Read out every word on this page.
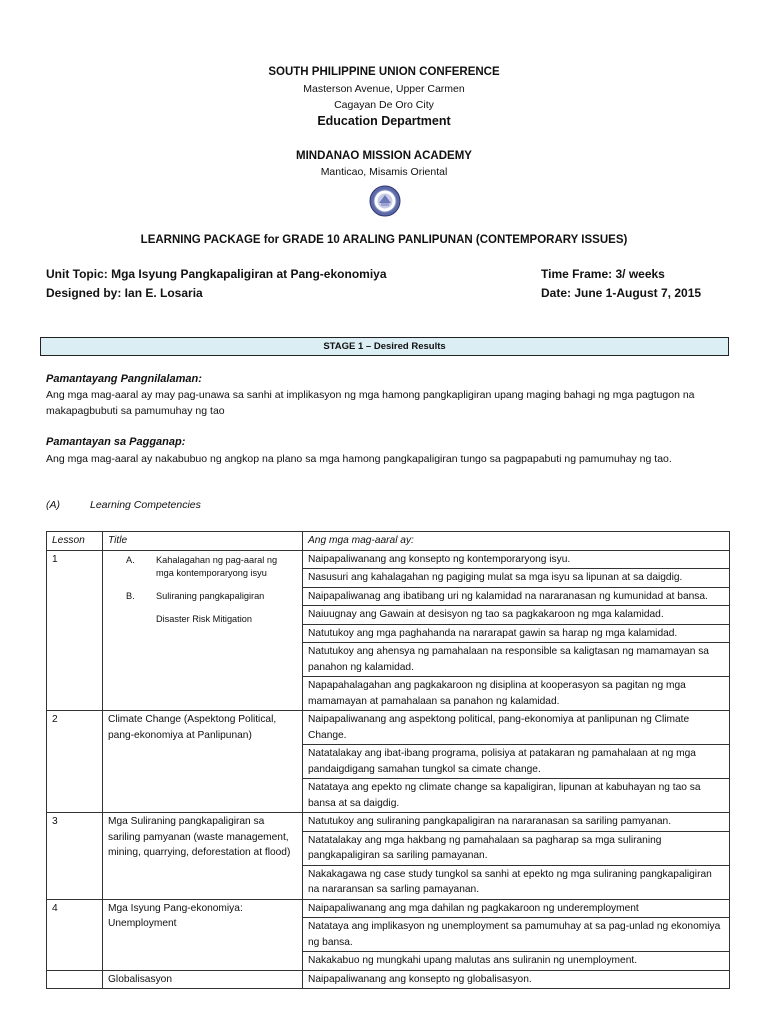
SOUTH PHILIPPINE UNION CONFERENCE
Masterson Avenue, Upper Carmen
Cagayan De Oro City
Education Department
MINDANAO MISSION ACADEMY
Manticao, Misamis Oriental
LEARNING PACKAGE for GRADE 10 ARALING PANLIPUNAN (CONTEMPORARY ISSUES)
Unit Topic: Mga Isyung Pangkapaligiran at Pang-ekonomiya
Designed by: Ian E. Losaria
Time Frame: 3/ weeks
Date: June 1-August 7, 2015
STAGE 1 – Desired Results
Pamantayang Pangnilalaman:
Ang mga mag-aaral ay may pag-unawa sa sanhi at implikasyon ng mga hamong pangkapligiran upang maging bahagi ng mga pagtugon na makapagbubuti sa pamumuhay ng tao
Pamantayan sa Pagganap:
Ang mga mag-aaral ay nakabubuo ng angkop na plano sa mga hamong pangkapaligiran tungo sa pagpapabuti ng pamumuhay ng tao.
(A)	Learning Competencies
Lesson	Title	Ang mga mag-aaral ay:
1	A. Kahalagahan ng pag-aaral ng mga kontemporaryong isyu
B. Suliraning pangkapaligiran
Disaster Risk Mitigation	Naipapaliwanang ang konsepto ng kontemporaryong isyu.
		Nasusuri ang kahalagahan ng pagiging mulat sa mga isyu sa lipunan at sa daigdig.
		Naipapaliwanag ang ibatibang uri ng kalamidad na nararanasan ng kumunidad at bansa.
		Naiuugnay ang Gawain at desisyon ng tao sa pagkakaroon ng mga kalamidad.
		Natutukoy ang mga paghahanda na nararapat gawin sa harap ng mga kalamidad.
		Natutukoy ang ahensya ng pamahalaan na responsible sa kaligtasan ng mamamayan sa panahon ng kalamidad.
		Napapahalagahan ang pagkakaroon ng disiplina at kooperasyon sa pagitan ng mga mamamayan at pamahalaan sa panahon ng kalamidad.
2	Climate Change (Aspektong Political, pang-ekonomiya at Panlipunan)	Naipapaliwanang ang aspektong political, pang-ekonomiya at panlipunan ng Climate Change.
		Natatalakay ang ibat-ibang programa, polisiya at patakaran ng pamahalaan at ng mga pandaigdigang samahan tungkol sa cimate change.
		Natataya ang epekto ng climate change sa kapaligiran, lipunan at kabuhayan ng tao sa bansa at sa daigdig.
3	Mga Suliraning pangkapaligiran sa sariling pamyanan (waste management, mining, quarrying, deforestation at flood)	Natutukoy ang suliraning pangkapaligiran na nararanasan sa sariling pamyanan.
		Natatalakay ang mga hakbang ng pamahalaan sa pagharap sa mga suliraning pangkapaligiran sa sariling pamayanan.
		Nakakagawa ng case study tungkol sa sanhi at epekto ng mga suliraning pangkapaligiran na nararansan sa sarling pamayanan.
4	Mga Isyung Pang-ekonomiya: Unemployment	Naipapaliwanang ang mga dahilan ng pagkakaroon ng underemployment
		Natataya ang implikasyon ng unemployment sa pamumuhay at sa pag-unlad ng ekonomiya ng bansa.
		Nakakabuo ng mungkahi upang malutas ans suliranin ng unemployment.
	Globalisasyon	Naipapaliwanang ang konsepto ng globalisasyon.
